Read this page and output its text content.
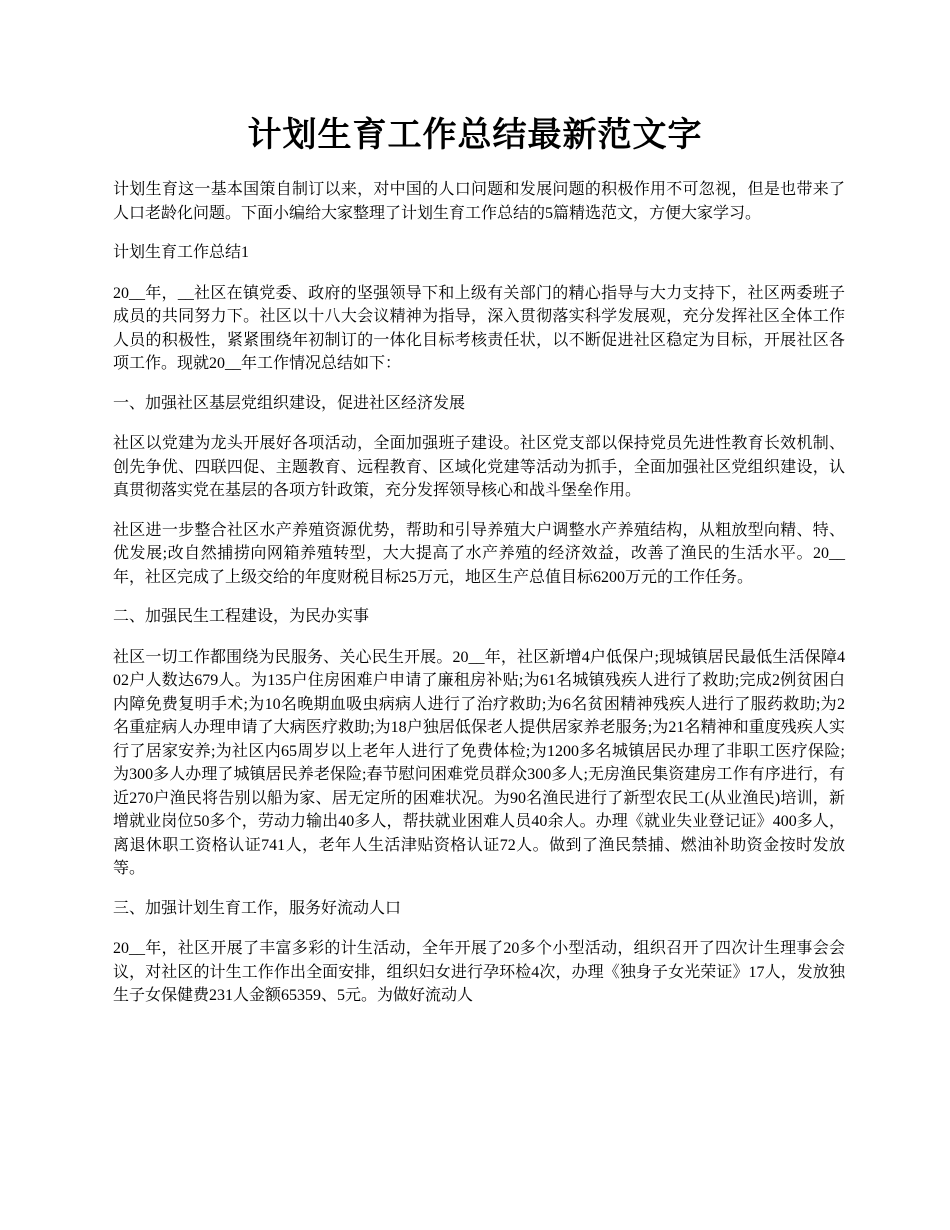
计划生育工作总结最新范文字

计划生育这一基本国策自制订以来，对中国的人口问题和发展问题的积极作用不可忽视，但是也带来了人口老龄化问题。下面小编给大家整理了计划生育工作总结的5篇精选范文，方便大家学习。

计划生育工作总结1

20__年，__社区在镇党委、政府的坚强领导下和上级有关部门的精心指导与大力支持下，社区两委班子成员的共同努力下。社区以十八大会议精神为指导，深入贯彻落实科学发展观，充分发挥社区全体工作人员的积极性，紧紧围绕年初制订的一体化目标考核责任状，以不断促进社区稳定为目标，开展社区各项工作。现就20__年工作情况总结如下：

一、加强社区基层党组织建设，促进社区经济发展

社区以党建为龙头开展好各项活动，全面加强班子建设。社区党支部以保持党员先进性教育长效机制、创先争优、四联四促、主题教育、远程教育、区域化党建等活动为抓手，全面加强社区党组织建设，认真贯彻落实党在基层的各项方针政策，充分发挥领导核心和战斗堡垒作用。

社区进一步整合社区水产养殖资源优势，帮助和引导养殖大户调整水产养殖结构，从粗放型向精、特、优发展;改自然捕捞向网箱养殖转型，大大提高了水产养殖的经济效益，改善了渔民的生活水平。20__年，社区完成了上级交给的年度财税目标25万元，地区生产总值目标6200万元的工作任务。

二、加强民生工程建设，为民办实事

社区一切工作都围绕为民服务、关心民生开展。20__年，社区新增4户低保户;现城镇居民最低生活保障402户人数达679人。为135户住房困难户申请了廉租房补贴;为61名城镇残疾人进行了救助;完成2例贫困白内障免费复明手术;为10名晚期血吸虫病病人进行了治疗救助;为6名贫困精神残疾人进行了服药救助;为2名重症病人办理申请了大病医疗救助;为18户独居低保老人提供居家养老服务;为21名精神和重度残疾人实行了居家安养;为社区内65周岁以上老年人进行了免费体检;为1200多名城镇居民办理了非职工医疗保险;为300多人办理了城镇居民养老保险;春节慰问困难党员群众300多人;无房渔民集资建房工作有序进行，有近270户渔民将告别以船为家、居无定所的困难状况。为90名渔民进行了新型农民工(从业渔民)培训，新增就业岗位50多个，劳动力输出40多人，帮扶就业困难人员40余人。办理《就业失业登记证》400多人，离退休职工资格认证741人，老年人生活津贴资格认证72人。做到了渔民禁捕、燃油补助资金按时发放等。

三、加强计划生育工作，服务好流动人口

20__年，社区开展了丰富多彩的计生活动，全年开展了20多个小型活动，组织召开了四次计生理事会会议，对社区的计生工作作出全面安排，组织妇女进行孕环检4次，办理《独身子女光荣证》17人，发放独生子女保健费231人金额65359、5元。为做好流动人
